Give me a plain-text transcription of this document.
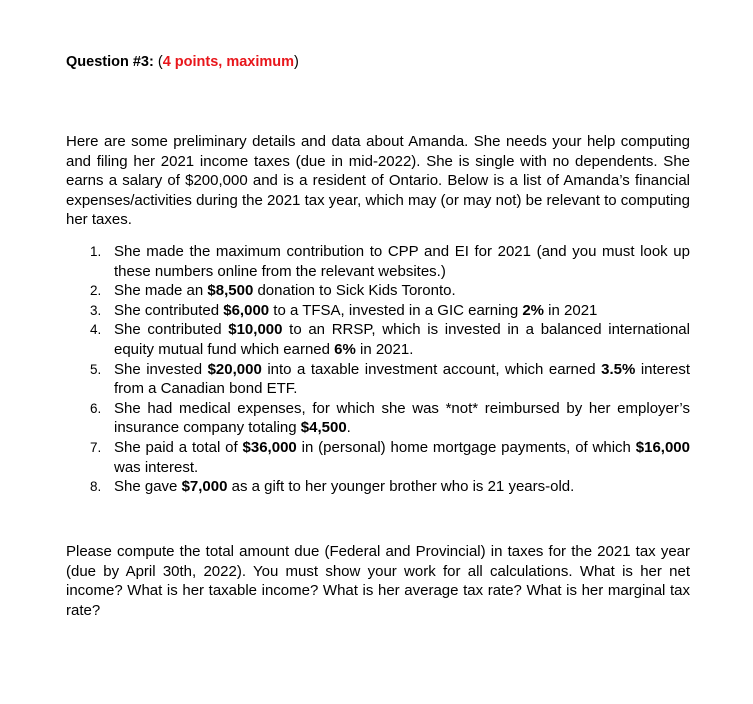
Question #3: (4 points, maximum)

Here are some preliminary details and data about Amanda. She needs your help computing and filing her 2021 income taxes (due in mid-2022). She is single with no dependents. She earns a salary of $200,000 and is a resident of Ontario. Below is a list of Amanda’s financial expenses/activities during the 2021 tax year, which may (or may not) be relevant to computing her taxes.

1. She made the maximum contribution to CPP and EI for 2021 (and you must look up these numbers online from the relevant websites.)
2. She made an $8,500 donation to Sick Kids Toronto.
3. She contributed $6,000 to a TFSA, invested in a GIC earning 2% in 2021
4. She contributed $10,000 to an RRSP, which is invested in a balanced international equity mutual fund which earned 6% in 2021.
5. She invested $20,000 into a taxable investment account, which earned 3.5% interest from a Canadian bond ETF.
6. She had medical expenses, for which she was *not* reimbursed by her employer’s insurance company totaling $4,500.
7. She paid a total of $36,000 in (personal) home mortgage payments, of which $16,000 was interest.
8. She gave $7,000 as a gift to her younger brother who is 21 years-old.

Please compute the total amount due (Federal and Provincial) in taxes for the 2021 tax year (due by April 30th, 2022). You must show your work for all calculations. What is her net income? What is her taxable income? What is her average tax rate? What is her marginal tax rate?
